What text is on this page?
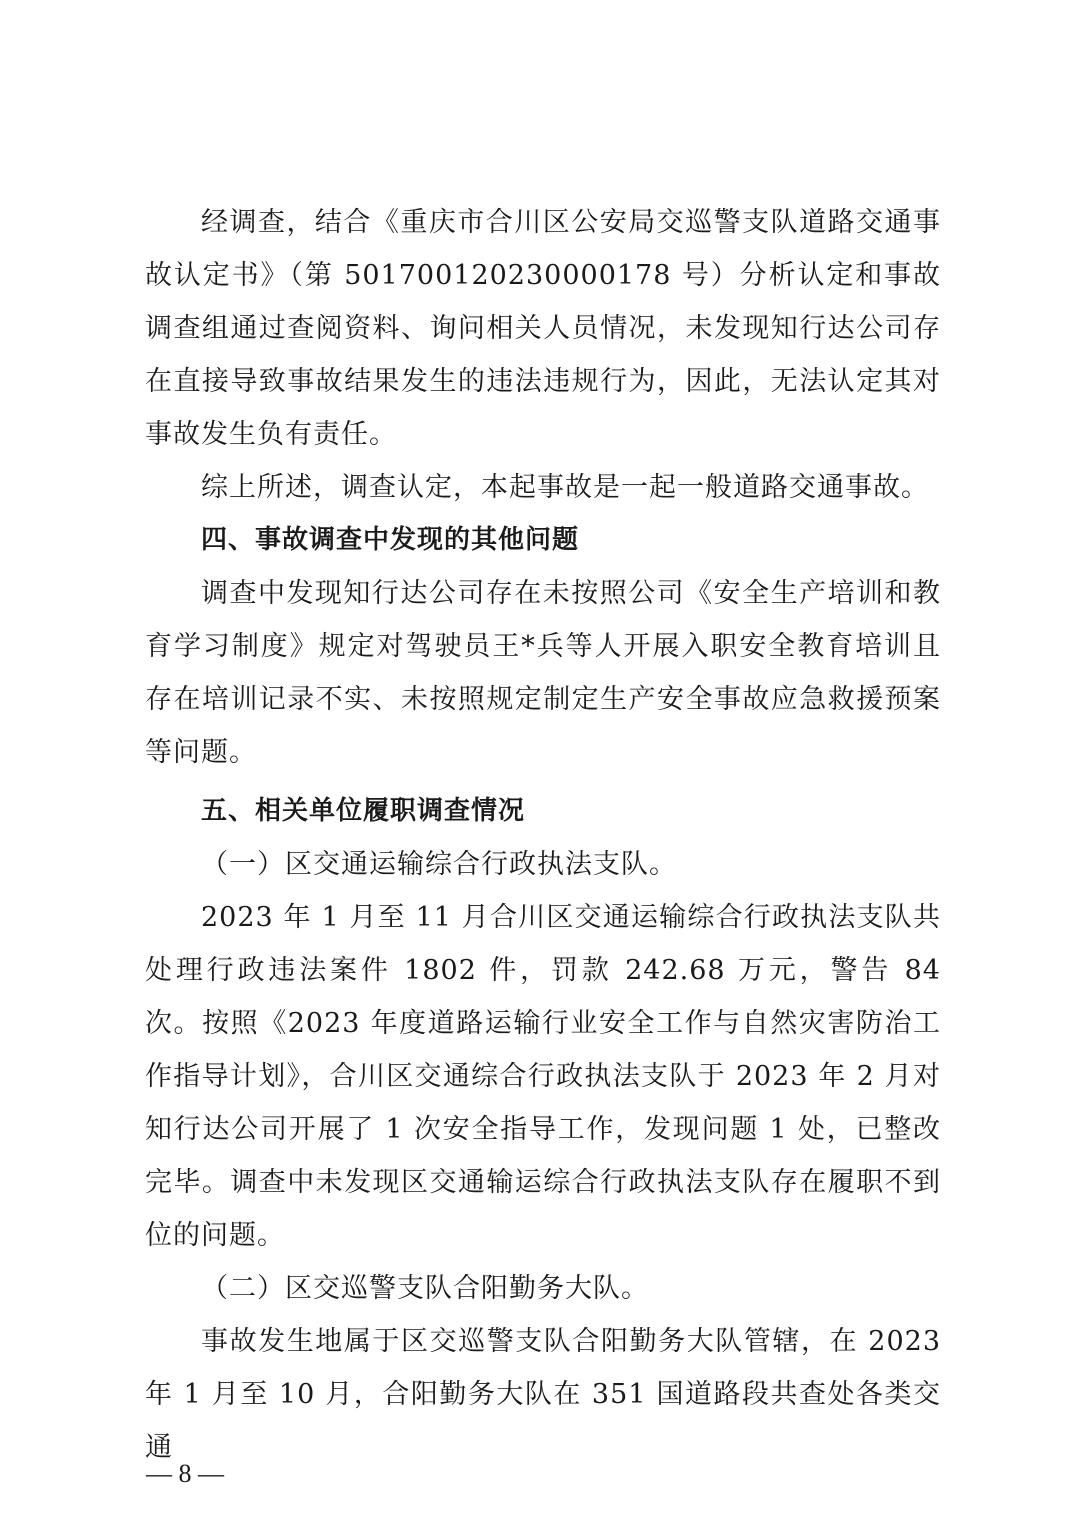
经调查，结合《重庆市合川区公安局交巡警支队道路交通事故认定书》（第 501700120230000178 号）分析认定和事故调查组通过查阅资料、询问相关人员情况，未发现知行达公司存在直接导致事故结果发生的违法违规行为，因此，无法认定其对事故发生负有责任。

综上所述，调查认定，本起事故是一起一般道路交通事故。

四、事故调查中发现的其他问题

调查中发现知行达公司存在未按照公司《安全生产培训和教育学习制度》规定对驾驶员王*兵等人开展入职安全教育培训且存在培训记录不实、未按照规定制定生产安全事故应急救援预案等问题。

五、相关单位履职调查情况

（一）区交通运输综合行政执法支队。

2023 年 1 月至 11 月合川区交通运输综合行政执法支队共处理行政违法案件 1802 件，罚款 242.68 万元，警告 84 次。按照《2023 年度道路运输行业安全工作与自然灾害防治工作指导计划》，合川区交通综合行政执法支队于 2023 年 2 月对知行达公司开展了 1 次安全指导工作，发现问题 1 处，已整改完毕。调查中未发现区交通输运综合行政执法支队存在履职不到位的问题。

（二）区交巡警支队合阳勤务大队。

事故发生地属于区交巡警支队合阳勤务大队管辖，在 2023 年 1 月至 10 月，合阳勤务大队在 351 国道路段共查处各类交通

— 8 —
